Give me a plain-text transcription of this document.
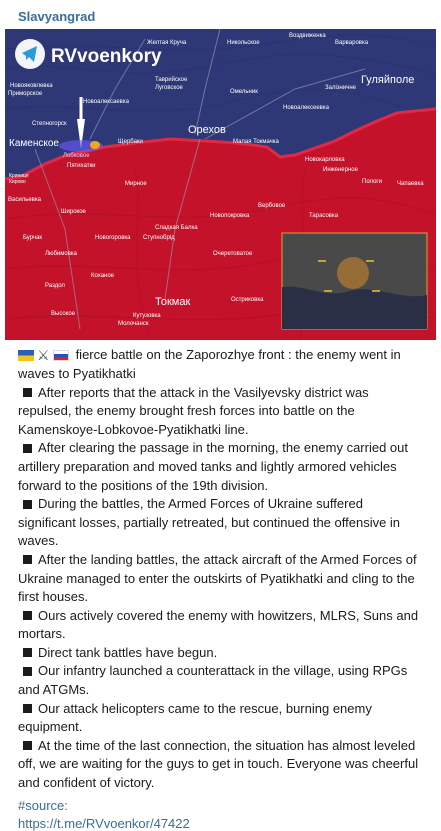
Slavyangrad
RVvoenkory
Желтая Круча	Никольское
Воздвиженка
Варваровка
Новояковлевка
Таврийское
Луговское
Приморское	Омельник
Залізничне
Гуляйполе
Новоалексаевка
Новоалексеевка
Степногорск	Орехов
Каменское	Щербаки	Малая Токмачка
Новокарловка
Лобковое
Пятихатки
Инженерное
Криниця
Кирово	Мирное	Пологи	Чапаевка
Васильевка
Вербовое
Широкое
Новопокровка	Тарасовка
Сладкая Балка
Бурчак	Новогоровка Ступнобрід
Любимовка	Очеретоватое
Коханое
Раздол
Токмак	Остриковка
Высокое	Кутузовка
Молочанск

⚔ fierce battle on the Zaporozhye front : the enemy went in waves to Pyatikhatki

After reports that the attack in the Vasilyevsky district was repulsed, the enemy brought fresh forces into battle on the Kamenskoye-Lobkovoe-Pyatikhatki line.

After clearing the passage in the morning, the enemy carried out artillery preparation and moved tanks and lightly armored vehicles forward to the positions of the 19th division.

During the battles, the Armed Forces of Ukraine suffered significant losses, partially retreated, but continued the offensive in waves.

After the landing battles, the attack aircraft of the Armed Forces of Ukraine managed to enter the outskirts of Pyatikhatki and cling to the first houses.

Ours actively covered the enemy with howitzers, MLRS, Suns and mortars.

Direct tank battles have begun.

Our infantry launched a counterattack in the village, using RPGs and ATGMs.

Our attack helicopters came to the rescue, burning enemy equipment.

At the time of the last connection, the situation has almost leveled off, we are waiting for the guys to get in touch. Everyone was cheerful and confident of victory.

#source:
https://t.me/RVvoenkor/47422
